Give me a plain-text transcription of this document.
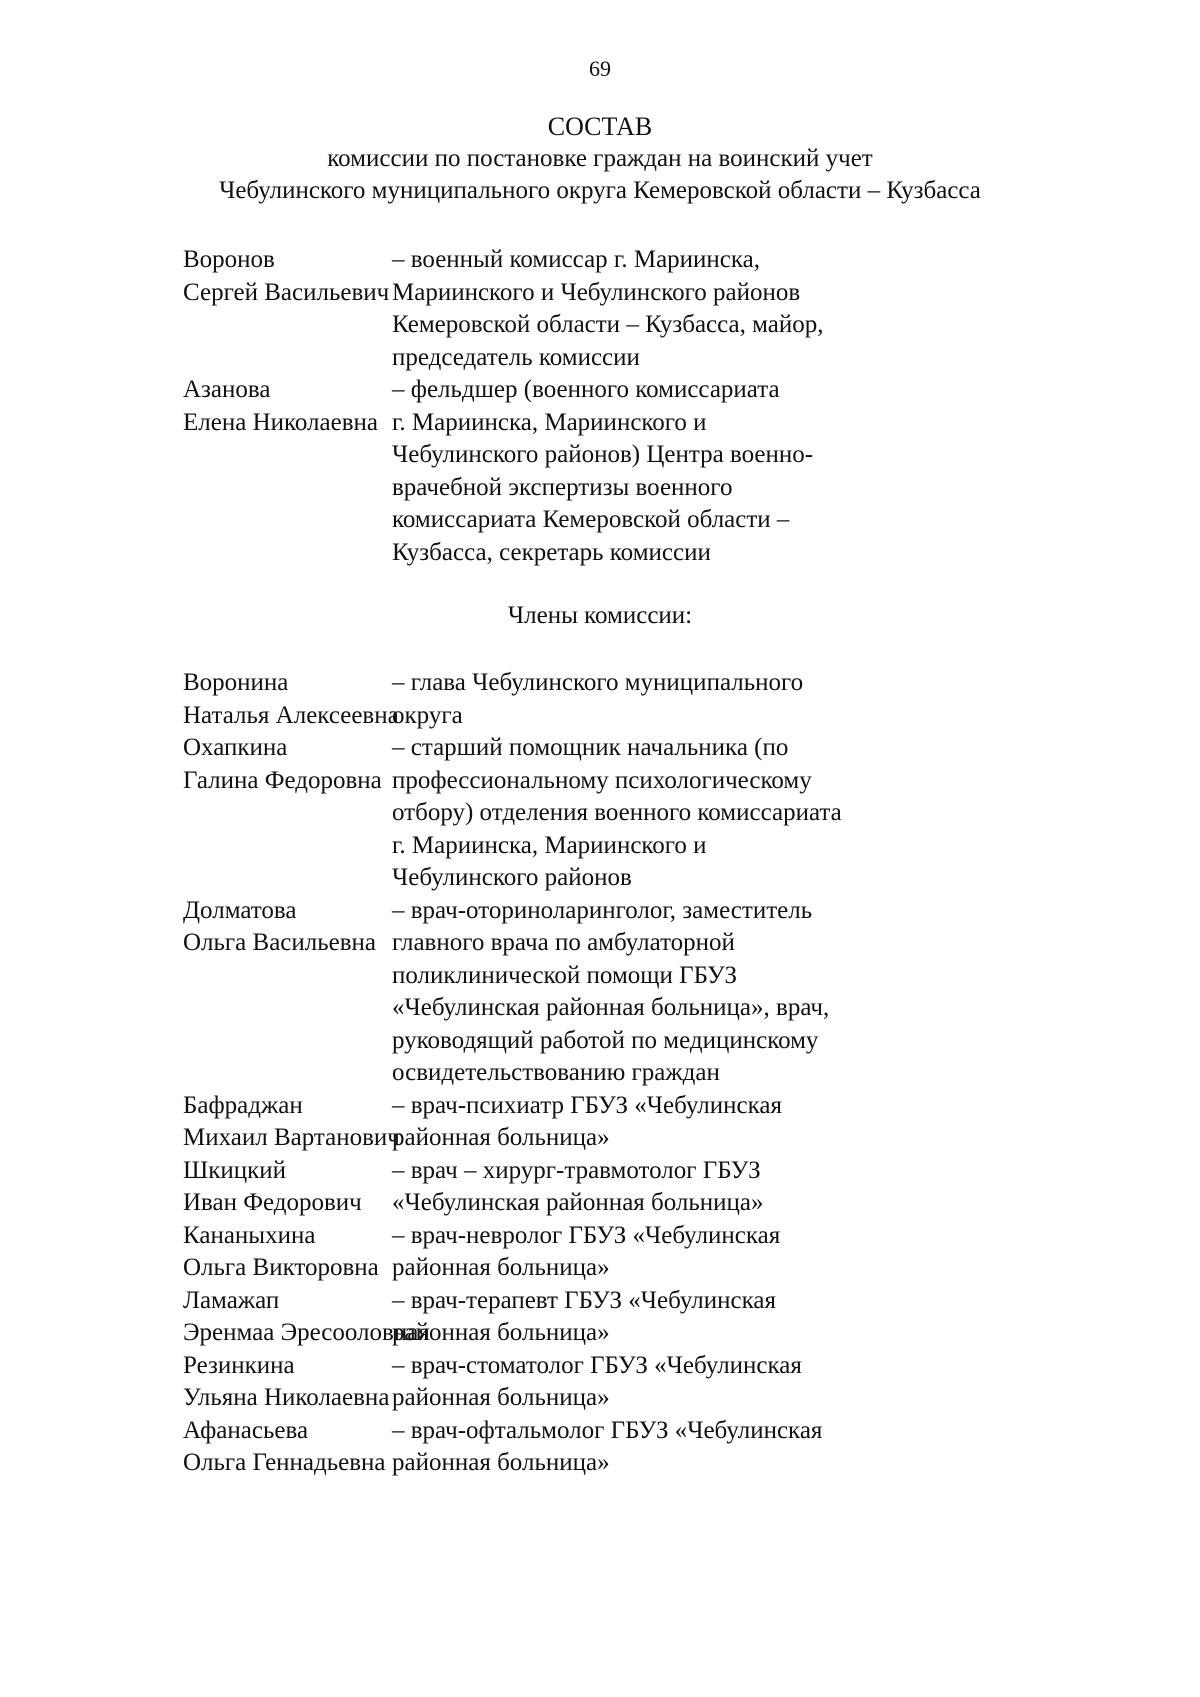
69
СОСТАВ
комиссии по постановке граждан на воинский учет
Чебулинского муниципального округа Кемеровской области – Кузбасса
Воронов
Сергей Васильевич
– военный комиссар г. Мариинска,
Мариинского и Чебулинского районов
Кемеровской области – Кузбасса, майор,
председатель комиссии
Азанова
Елена Николаевна
– фельдшер (военного комиссариата
г. Мариинска, Мариинского и
Чебулинского районов) Центра военно-
врачебной экспертизы военного
комиссариата Кемеровской области –
Кузбасса, секретарь комиссии
Члены комиссии:
Воронина
Наталья Алексеевна
– глава Чебулинского муниципального
округа
Охапкина
Галина Федоровна
– старший помощник начальника (по
профессиональному психологическому
отбору) отделения военного комиссариата
г. Мариинска, Мариинского и
Чебулинского районов
Долматова
Ольга Васильевна
– врач-оториноларинголог, заместитель
главного врача по амбулаторной
поликлинической помощи ГБУЗ
«Чебулинская районная больница», врач,
руководящий работой по медицинскому
освидетельствованию граждан
Бафраджан
Михаил Вартанович
– врач-психиатр ГБУЗ «Чебулинская
районная больница»
Шкицкий
Иван Федорович
– врач – хирург-травмотолог ГБУЗ
«Чебулинская районная больница»
Кананыхина
Ольга Викторовна
– врач-невролог ГБУЗ «Чебулинская
районная больница»
Ламажап
Эренмаа Эресооловная
– врач-терапевт ГБУЗ «Чебулинская
районная больница»
Резинкина
Ульяна Николаевна
– врач-стоматолог ГБУЗ «Чебулинская
районная больница»
Афанасьева
Ольга Геннадьевна
– врач-офтальмолог ГБУЗ «Чебулинская
районная больница»
